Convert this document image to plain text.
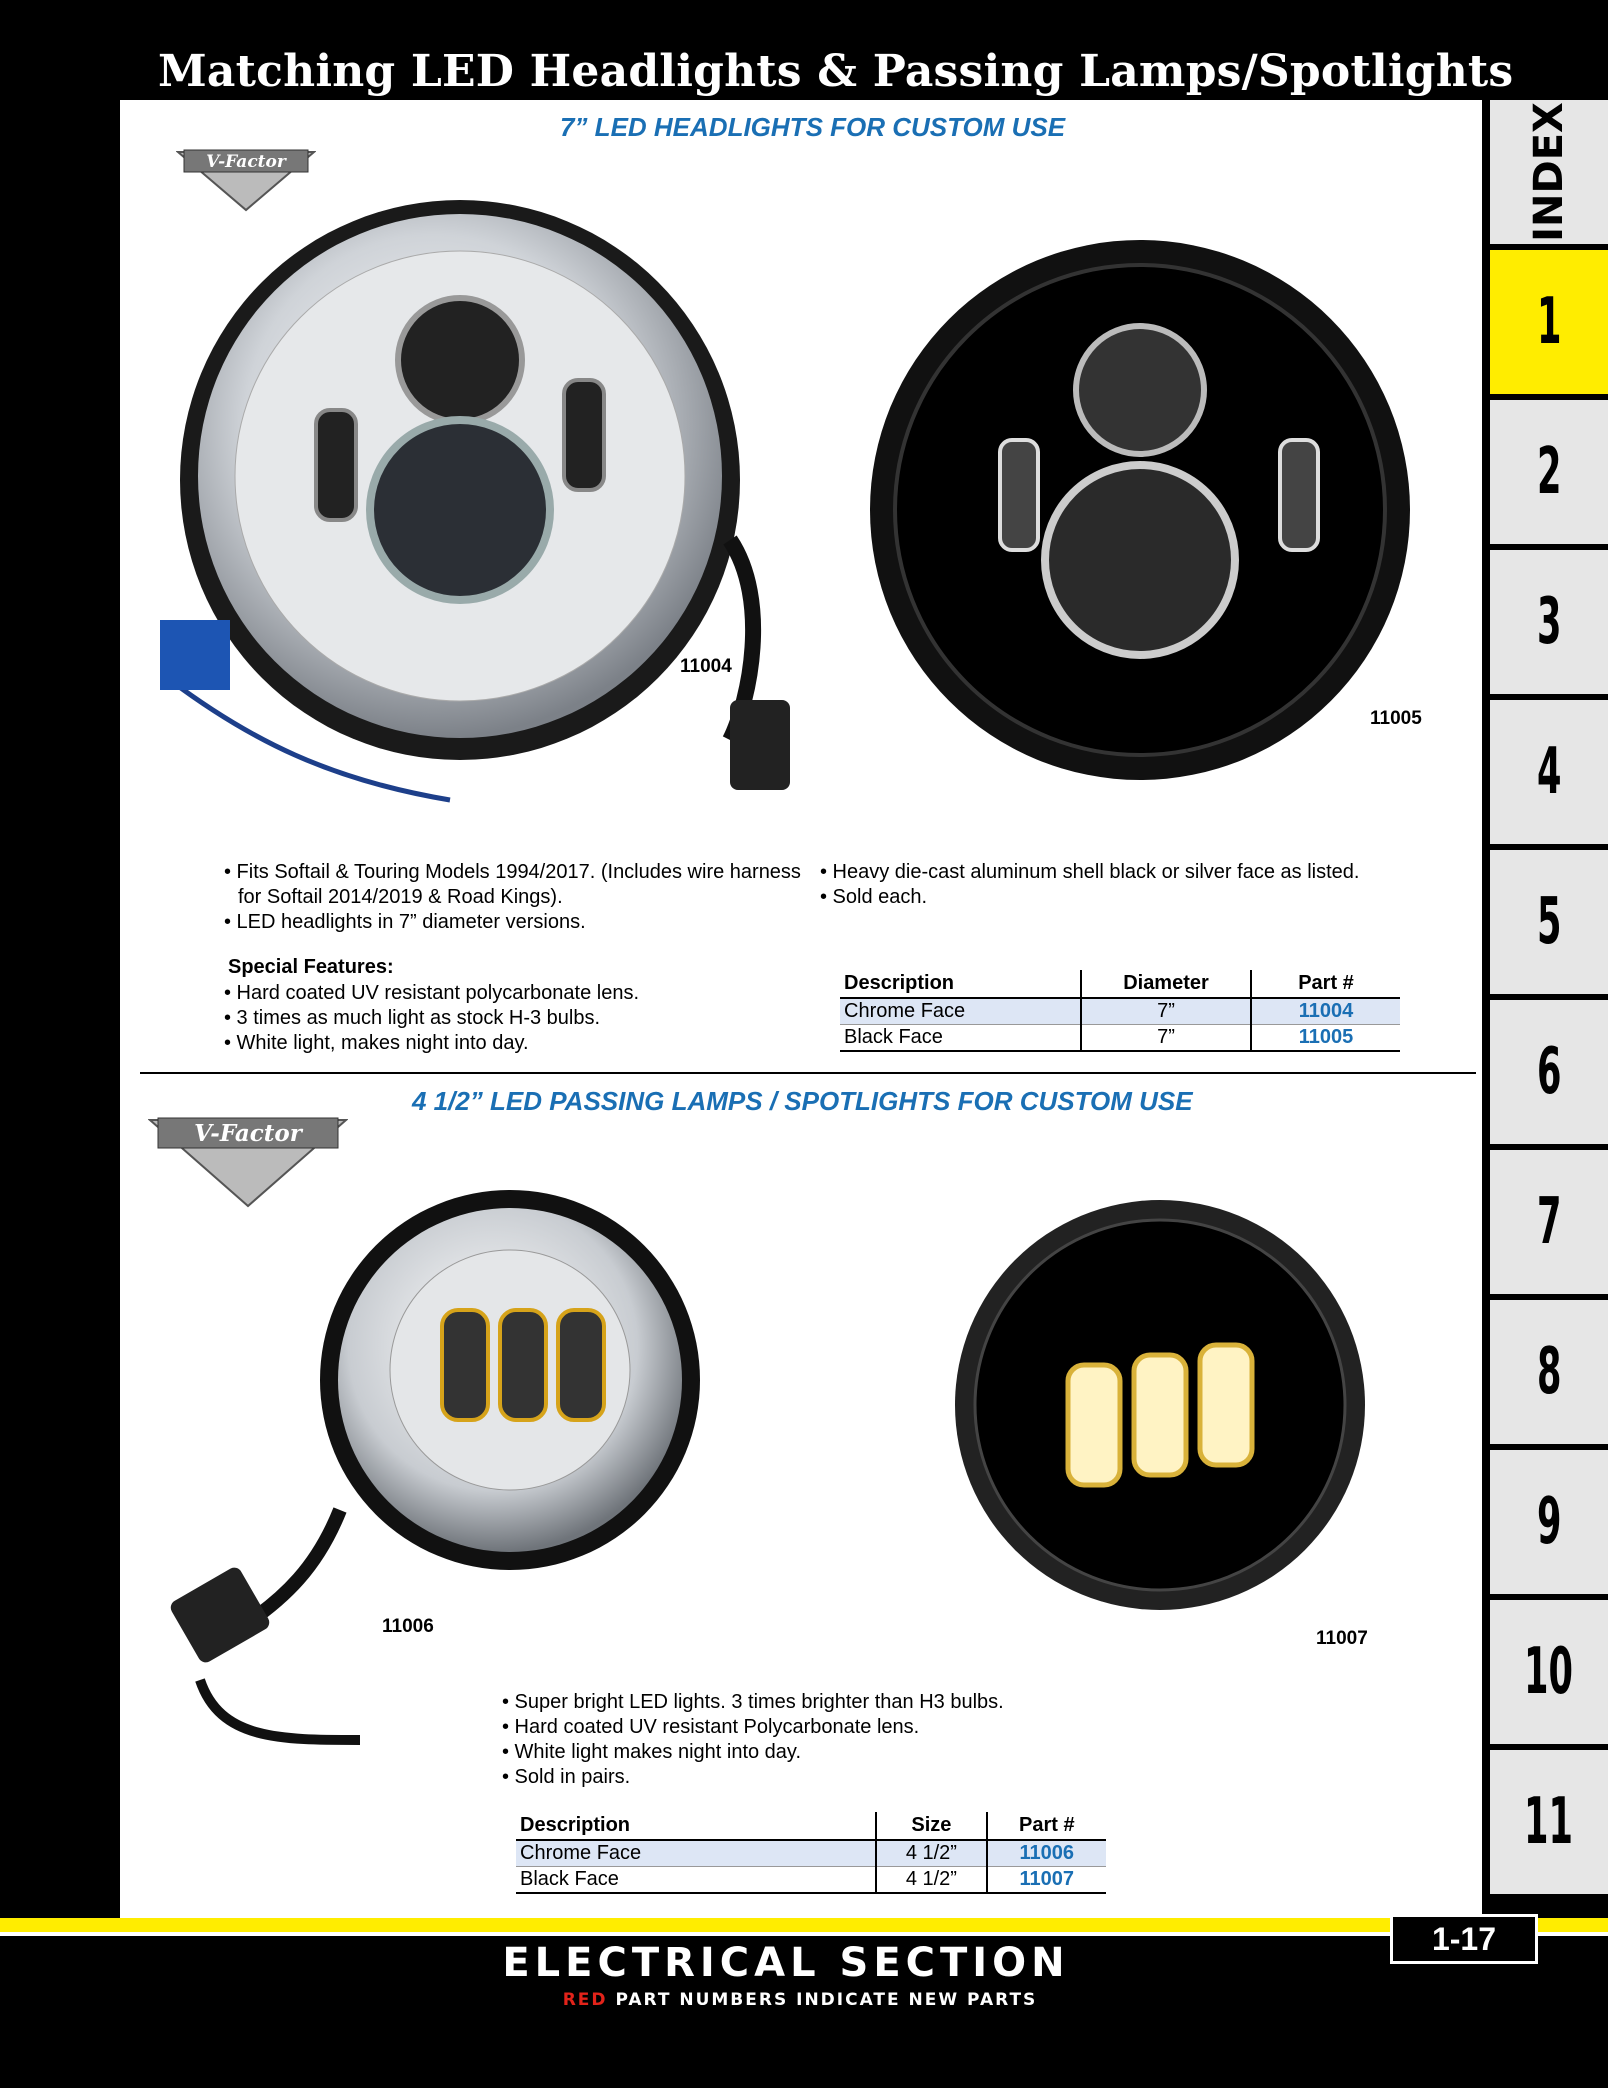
Matching LED Headlights & Passing Lamps/Spotlights
INDEX
1
2
3
4
5
6
7
8
9
10
11
7” LED HEADLIGHTS FOR CUSTOM USE
V-Factor
11004
11005
• Fits Softail & Touring Models 1994/2017. (Includes wire harness for Softail 2014/2019 & Road Kings).
• LED headlights in 7” diameter versions.
• Heavy die-cast aluminum shell black or silver face as listed.
• Sold each.
Special Features:
• Hard coated UV resistant polycarbonate lens.
• 3 times as much light as stock H-3 bulbs.
• White light, makes night into day.
Description	Diameter	Part #
Chrome Face	7”	11004
Black Face	7”	11005
4 1/2” LED PASSING LAMPS / SPOTLIGHTS FOR CUSTOM USE
V-Factor
11006
11007
• Super bright LED lights. 3 times brighter than H3 bulbs.
• Hard coated UV resistant Polycarbonate lens.
• White light makes night into day.
• Sold in pairs.
Description	Size	Part #
Chrome Face	4 1/2”	11006
Black Face	4 1/2”	11007
ELECTRICAL SECTION
RED PART NUMBERS INDICATE NEW PARTS
1-17
